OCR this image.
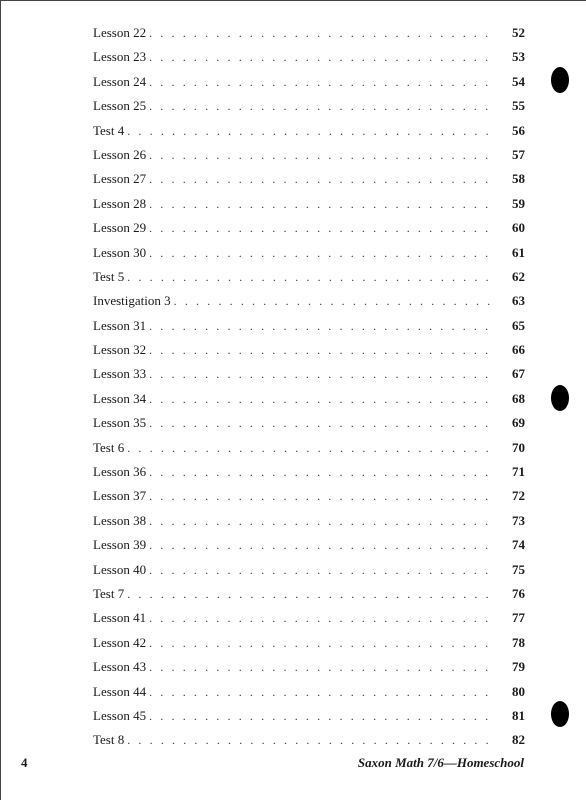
Lesson 22 . . .	52
Lesson 23 . . .	53
Lesson 24 . . .	54
Lesson 25 . . .	55
Test 4 . . .	56
Lesson 26 . . .	57
Lesson 27 . . .	58
Lesson 28 . . .	59
Lesson 29 . . .	60
Lesson 30 . . .	61
Test 5 . . .	62
Investigation 3 . . .	63
Lesson 31 . . .	65
Lesson 32 . . .	66
Lesson 33 . . .	67
Lesson 34 . . .	68
Lesson 35 . . .	69
Test 6 . . .	70
Lesson 36 . . .	71
Lesson 37 . . .	72
Lesson 38 . . .	73
Lesson 39 . . .	74
Lesson 40 . . .	75
Test 7 . . .	76
Lesson 41 . . .	77
Lesson 42 . . .	78
Lesson 43 . . .	79
Lesson 44 . . .	80
Lesson 45 . . .	81
Test 8 . . .	82
4	Saxon Math 7/6—Homeschool
